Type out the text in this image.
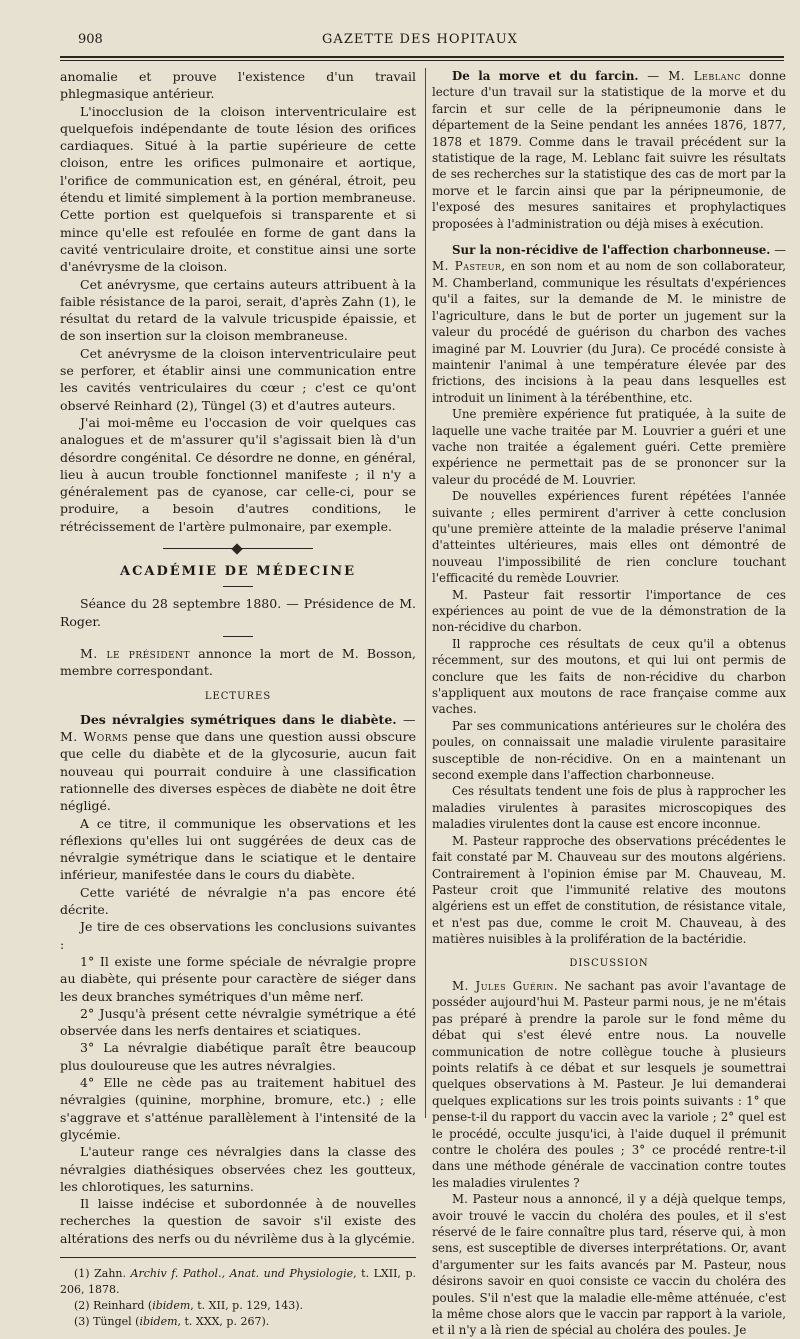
908	GAZETTE DES HOPITAUX

anomalie et prouve l'existence d'un travail phlegmasique antérieur.

L'inocclusion de la cloison interventriculaire est quelquefois indépendante de toute lésion des orifices cardiaques. Situé à la partie supérieure de cette cloison, entre les orifices pulmonaire et aortique, l'orifice de communication est, en général, étroit, peu étendu et limité simplement à la portion membraneuse. Cette portion est quelquefois si transparente et si mince qu'elle est refoulée en forme de gant dans la cavité ventriculaire droite, et constitue ainsi une sorte d'anévrysme de la cloison.

Cet anévrysme, que certains auteurs attribuent à la faible résistance de la paroi, serait, d'après Zahn (1), le résultat du retard de la valvule tricuspide épaissie, et de son insertion sur la cloison membraneuse.

Cet anévrysme de la cloison interventriculaire peut se perforer, et établir ainsi une communication entre les cavités ventriculaires du cœur ; c'est ce qu'ont observé Reinhard (2), Tüngel (3) et d'autres auteurs.

J'ai moi-même eu l'occasion de voir quelques cas analogues et de m'assurer qu'il s'agissait bien là d'un désordre congénital. Ce désordre ne donne, en général, lieu à aucun trouble fonctionnel manifeste ; il n'y a généralement pas de cyanose, car celle-ci, pour se produire, a besoin d'autres conditions, le rétrécissement de l'artère pulmonaire, par exemple.

ACADÉMIE DE MÉDECINE

Séance du 28 septembre 1880. — Présidence de M. Roger.

M. le président annonce la mort de M. Bosson, membre correspondant.

LECTURES

Des névralgies symétriques dans le diabète. — M. Worms pense que dans une question aussi obscure que celle du diabète et de la glycosurie, aucun fait nouveau qui pourrait conduire à une classification rationnelle des diverses espèces de diabète ne doit être négligé.

A ce titre, il communique les observations et les réflexions qu'elles lui ont suggérées de deux cas de névralgie symétrique dans le sciatique et le dentaire inférieur, manifestée dans le cours du diabète.

Cette variété de névralgie n'a pas encore été décrite.

Je tire de ces observations les conclusions suivantes :

1° Il existe une forme spéciale de névralgie propre au diabète, qui présente pour caractère de siéger dans les deux branches symétriques d'un même nerf.

2° Jusqu'à présent cette névralgie symétrique a été observée dans les nerfs dentaires et sciatiques.

3° La névralgie diabétique paraît être beaucoup plus douloureuse que les autres névralgies.

4° Elle ne cède pas au traitement habituel des névralgies (quinine, morphine, bromure, etc.) ; elle s'aggrave et s'atténue parallèlement à l'intensité de la glycémie.

L'auteur range ces névralgies dans la classe des névralgies diathésiques observées chez les goutteux, les chlorotiques, les saturnins.

Il laisse indécise et subordonnée à de nouvelles recherches la question de savoir s'il existe des altérations des nerfs ou du névrilème dus à la glycémie.

(1) Zahn. Archiv f. Pathol., Anat. und Physiologie, t. LXII, p. 206, 1878.

(2) Reinhard (ibidem, t. XII, p. 129, 143).

(3) Tüngel (ibidem, t. XXX, p. 267).

De la morve et du farcin. — M. Leblanc donne lecture d'un travail sur la statistique de la morve et du farcin et sur celle de la péripneumonie dans le département de la Seine pendant les années 1876, 1877, 1878 et 1879. Comme dans le travail précédent sur la statistique de la rage, M. Leblanc fait suivre les résultats de ses recherches sur la statistique des cas de mort par la morve et le farcin ainsi que par la péripneumonie, de l'exposé des mesures sanitaires et prophylactiques proposées à l'administration ou déjà mises à exécution.

Sur la non-récidive de l'affection charbonneuse. — M. Pasteur, en son nom et au nom de son collaborateur, M. Chamberland, communique les résultats d'expériences qu'il a faites, sur la demande de M. le ministre de l'agriculture, dans le but de porter un jugement sur la valeur du procédé de guérison du charbon des vaches imaginé par M. Louvrier (du Jura). Ce procédé consiste à maintenir l'animal à une température élevée par des frictions, des incisions à la peau dans lesquelles est introduit un liniment à la térébenthine, etc.

Une première expérience fut pratiquée, à la suite de laquelle une vache traitée par M. Louvrier a guéri et une vache non traitée a également guéri. Cette première expérience ne permettait pas de se prononcer sur la valeur du procédé de M. Louvrier.

De nouvelles expériences furent répétées l'année suivante ; elles permirent d'arriver à cette conclusion qu'une première atteinte de la maladie préserve l'animal d'atteintes ultérieures, mais elles ont démontré de nouveau l'impossibilité de rien conclure touchant l'efficacité du remède Louvrier.

M. Pasteur fait ressortir l'importance de ces expériences au point de vue de la démonstration de la non-récidive du charbon.

Il rapproche ces résultats de ceux qu'il a obtenus récemment, sur des moutons, et qui lui ont permis de conclure que les faits de non-récidive du charbon s'appliquent aux moutons de race française comme aux vaches.

Par ses communications antérieures sur le choléra des poules, on connaissait une maladie virulente parasitaire susceptible de non-récidive. On en a maintenant un second exemple dans l'affection charbonneuse.

Ces résultats tendent une fois de plus à rapprocher les maladies virulentes à parasites microscopiques des maladies virulentes dont la cause est encore inconnue.

M. Pasteur rapproche des observations précédentes le fait constaté par M. Chauveau sur des moutons algériens. Contrairement à l'opinion émise par M. Chauveau, M. Pasteur croit que l'immunité relative des moutons algériens est un effet de constitution, de résistance vitale, et n'est pas due, comme le croit M. Chauveau, à des matières nuisibles à la prolifération de la bactéridie.

DISCUSSION

M. Jules Guérin. Ne sachant pas avoir l'avantage de posséder aujourd'hui M. Pasteur parmi nous, je ne m'étais pas préparé à prendre la parole sur le fond même du débat qui s'est élevé entre nous. La nouvelle communication de notre collègue touche à plusieurs points relatifs à ce débat et sur lesquels je soumettrai quelques observations à M. Pasteur. Je lui demanderai quelques explications sur les trois points suivants : 1° que pense-t-il du rapport du vaccin avec la variole ; 2° quel est le procédé, occulte jusqu'ici, à l'aide duquel il prémunit contre le choléra des poules ; 3° ce procédé rentre-t-il dans une méthode générale de vaccination contre toutes les maladies virulentes ?

M. Pasteur nous a annoncé, il y a déjà quelque temps, avoir trouvé le vaccin du choléra des poules, et il s'est réservé de le faire connaître plus tard, réserve qui, à mon sens, est susceptible de diverses interprétations. Or, avant d'argumenter sur les faits avancés par M. Pasteur, nous désirons savoir en quoi consiste ce vaccin du choléra des poules. S'il n'est que la maladie elle-même atténuée, c'est la même chose alors que le vaccin par rapport à la variole, et il n'y a là rien de spécial au choléra des poules. Je
